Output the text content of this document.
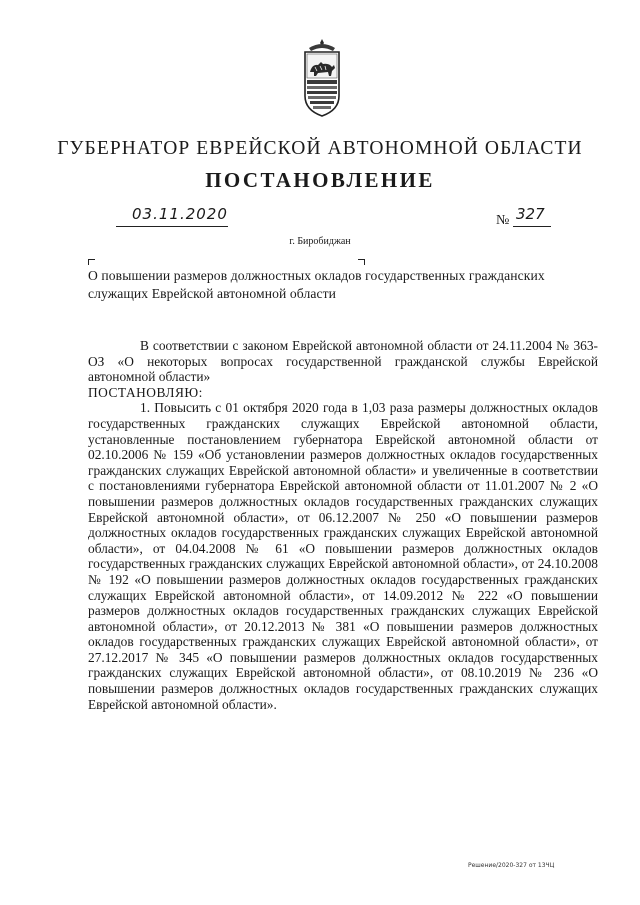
ГУБЕРНАТОР ЕВРЕЙСКОЙ АВТОНОМНОЙ ОБЛАСТИ
ПОСТАНОВЛЕНИЕ
03.11.2020	№ 327
г. Биробиджан
О повышении размеров должностных окладов государственных гражданских служащих Еврейской автономной области

В соответствии с законом Еврейской автономной области от 24.11.2004 № 363-ОЗ «О некоторых вопросах государственной гражданской службы Еврейской автономной области»

ПОСТАНОВЛЯЮ:

1. Повысить с 01 октября 2020 года в 1,03 раза размеры должностных окладов государственных гражданских служащих Еврейской автономной области, установленные постановлением губернатора Еврейской автономной области от 02.10.2006 № 159 «Об установлении размеров должностных окладов государственных гражданских служащих Еврейской автономной области» и увеличенные в соответствии с постановлениями губернатора Еврейской автономной области от 11.01.2007 № 2 «О повышении размеров должностных окладов государственных гражданских служащих Еврейской автономной области», от 06.12.2007 № 250 «О повышении размеров должностных окладов государственных гражданских служащих Еврейской автономной области», от 04.04.2008 № 61 «О повышении размеров должностных окладов государственных гражданских служащих Еврейской автономной области», от 24.10.2008 № 192 «О повышении размеров должностных окладов государственных гражданских служащих Еврейской автономной области», от 14.09.2012 № 222 «О повышении размеров должностных окладов государственных гражданских служащих Еврейской автономной области», от 20.12.2013 № 381 «О повышении размеров должностных окладов государственных гражданских служащих Еврейской автономной области», от 27.12.2017 № 345 «О повышении размеров должностных окладов государственных гражданских служащих Еврейской автономной области», от 08.10.2019 № 236 «О повышении размеров должностных окладов государственных гражданских служащих Еврейской автономной области».

Решение/2020-327 от 13ЧЦ
